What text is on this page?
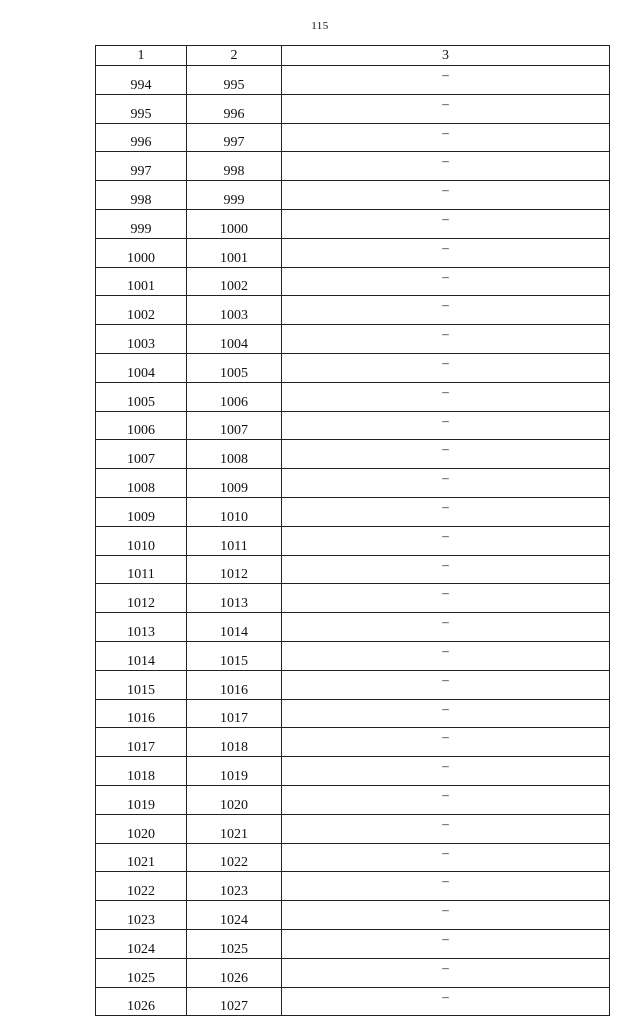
115
1	2	3
994	995	–
995	996	–
996	997	–
997	998	–
998	999	–
999	1000	–
1000	1001	–
1001	1002	–
1002	1003	–
1003	1004	–
1004	1005	–
1005	1006	–
1006	1007	–
1007	1008	–
1008	1009	–
1009	1010	–
1010	1011	–
1011	1012	–
1012	1013	–
1013	1014	–
1014	1015	–
1015	1016	–
1016	1017	–
1017	1018	–
1018	1019	–
1019	1020	–
1020	1021	–
1021	1022	–
1022	1023	–
1023	1024	–
1024	1025	–
1025	1026	–
1026	1027	–
